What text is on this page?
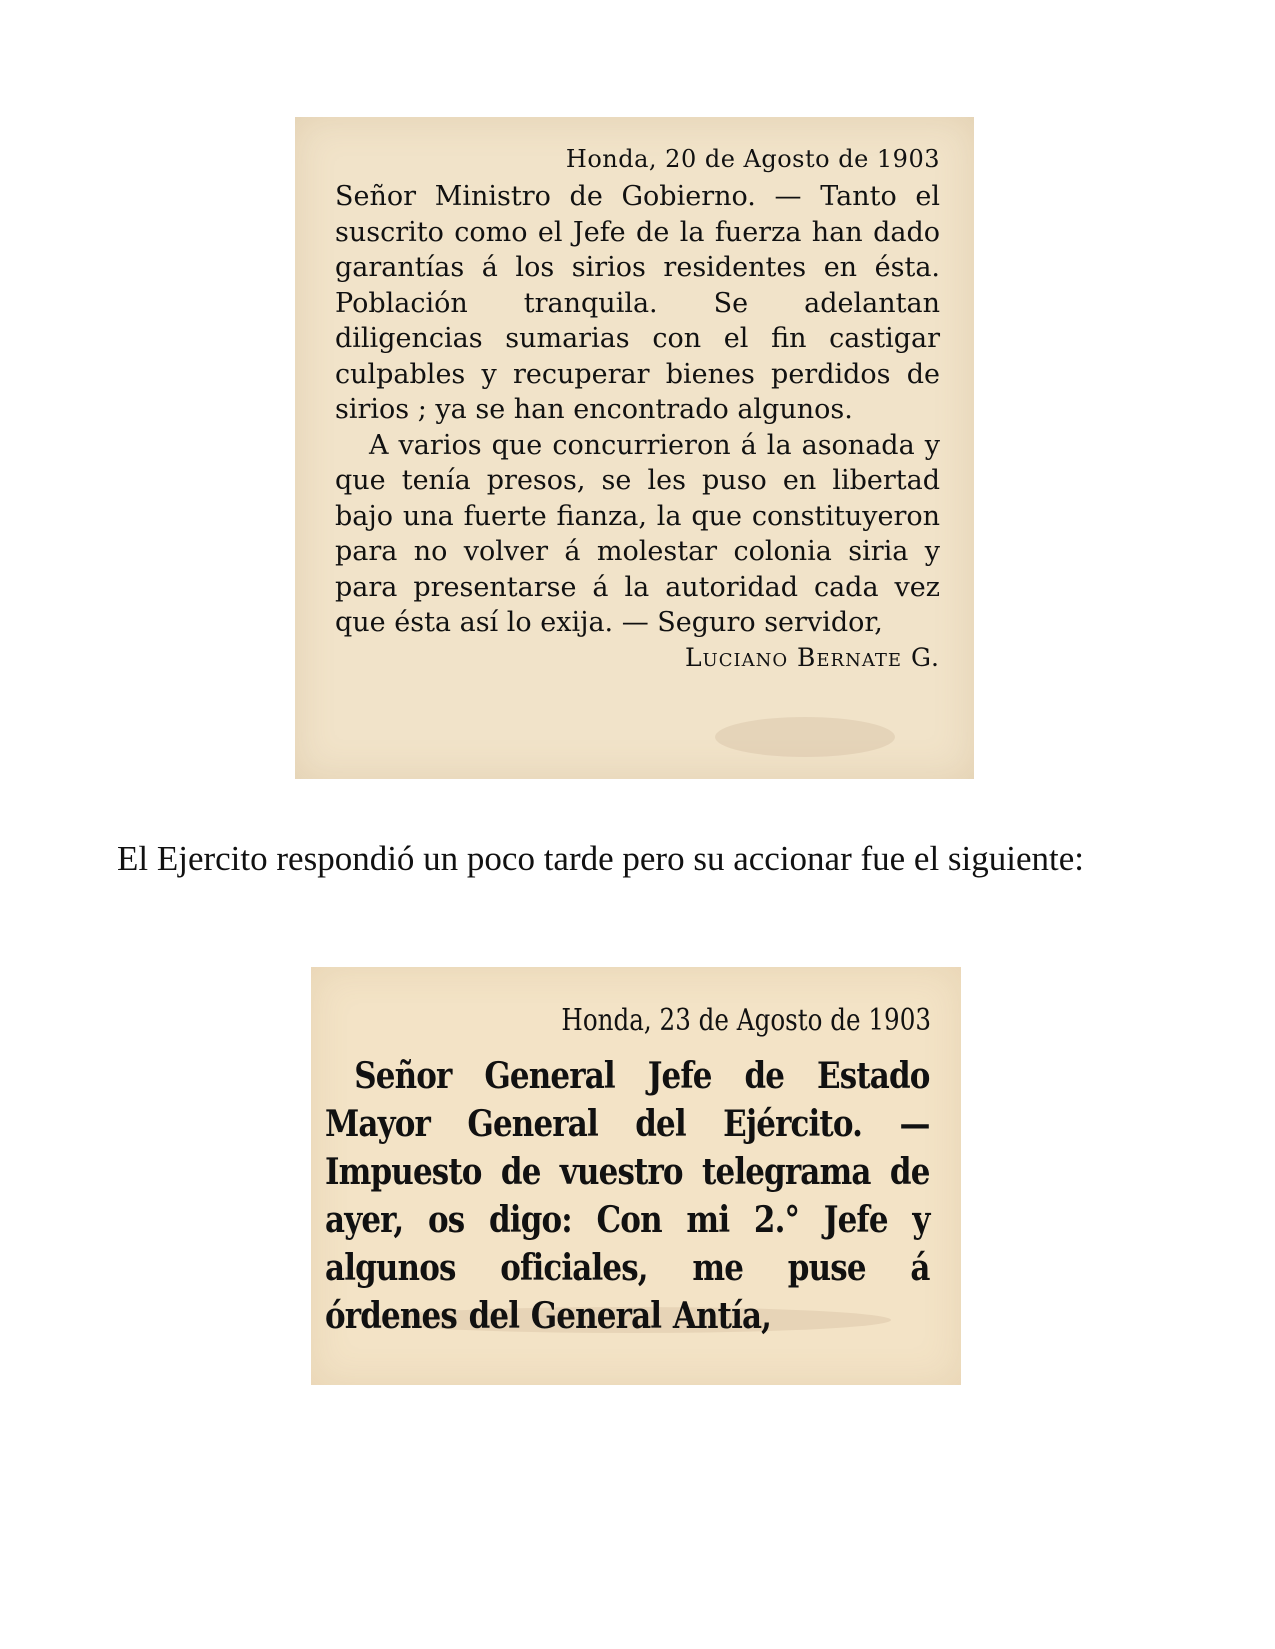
Honda, 20 de Agosto de 1903

Señor Ministro de Gobierno. — Tanto el suscrito como el Jefe de la fuerza han dado garantías á los sirios residentes en ésta. Población tranquila. Se adelantan diligencias sumarias con el fin castigar culpables y recuperar bienes perdidos de sirios ; ya se han encontrado algunos.

A varios que concurrieron á la asonada y que tenía presos, se les puso en libertad bajo una fuerte fianza, la que constituyeron para no volver á molestar colonia siria y para presentarse á la autoridad cada vez que ésta así lo exija. — Seguro servidor,

Luciano Bernate G.

El Ejercito respondió un poco tarde pero su accionar fue el siguiente:

Honda, 23 de Agosto de 1903

Señor General Jefe de Estado Mayor General del Ejército. — Impuesto de vuestro telegrama de ayer, os digo: Con mi 2.° Jefe y algunos oficiales, me puse á órdenes del General Antía,
